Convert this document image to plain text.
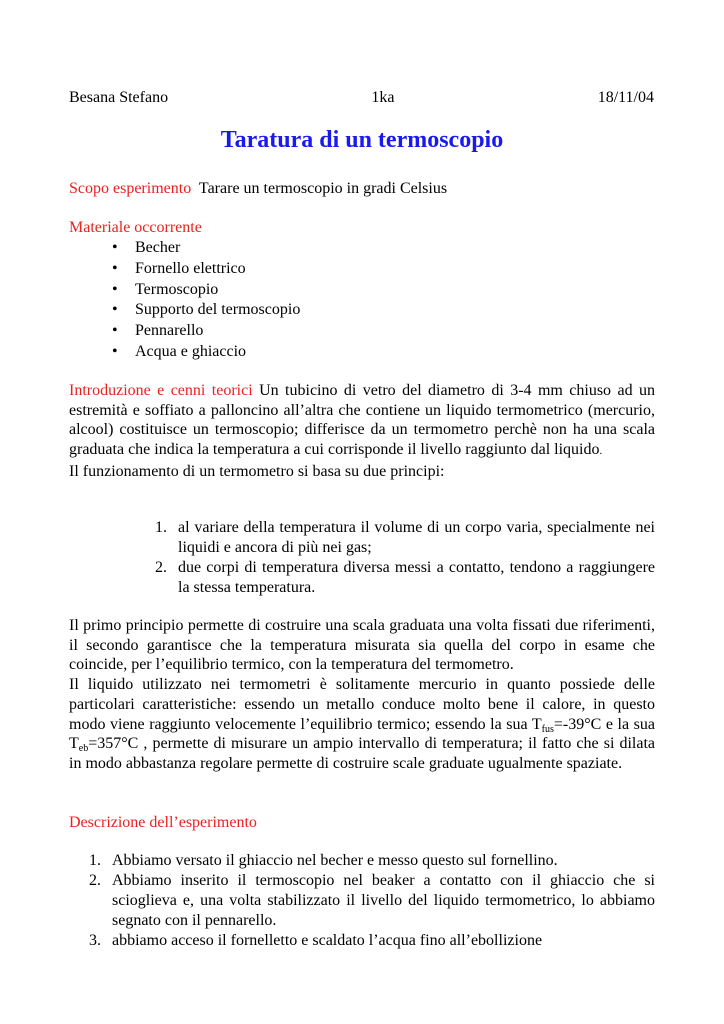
Besana Stefano	1ka	18/11/04
Taratura di un termoscopio
Scopo esperimento Tarare un termoscopio in gradi Celsius
Materiale occorrente
• Becher
• Fornello elettrico
• Termoscopio
• Supporto del termoscopio
• Pennarello
• Acqua e ghiaccio
Introduzione e cenni teorici Un tubicino di vetro del diametro di 3-4 mm chiuso ad un estremità e soffiato a palloncino all’altra che contiene un liquido termometrico (mercurio, alcool) costituisce un termoscopio; differisce da un termometro perchè non ha una scala graduata che indica la temperatura a cui corrisponde il livello raggiunto dal liquido.
Il funzionamento di un termometro si basa su due principi:
1. al variare della temperatura il volume di un corpo varia, specialmente nei liquidi e ancora di più nei gas;
2. due corpi di temperatura diversa messi a contatto, tendono a raggiungere la stessa temperatura.
Il primo principio permette di costruire una scala graduata una volta fissati due riferimenti, il secondo garantisce che la temperatura misurata sia quella del corpo in esame che coincide, per l’equilibrio termico, con la temperatura del termometro.
Il liquido utilizzato nei termometri è solitamente mercurio in quanto possiede delle particolari caratteristiche: essendo un metallo conduce molto bene il calore, in questo modo viene raggiunto velocemente l’equilibrio termico; essendo la sua $T_{fus}=-39^\circ C$ e la sua $T_{eb}=357^\circ C$ , permette di misurare un ampio intervallo di temperatura; il fatto che si dilata in modo abbastanza regolare permette di costruire scale graduate ugualmente spaziate.
Descrizione dell’esperimento
1. Abbiamo versato il ghiaccio nel becher e messo questo sul fornellino.
2. Abbiamo inserito il termoscopio nel beaker a contatto con il ghiaccio che si scioglieva e, una volta stabilizzato il livello del liquido termometrico, lo abbiamo segnato con il pennarello.
3. abbiamo acceso il fornelletto e scaldato l’acqua fino all’ebollizione
